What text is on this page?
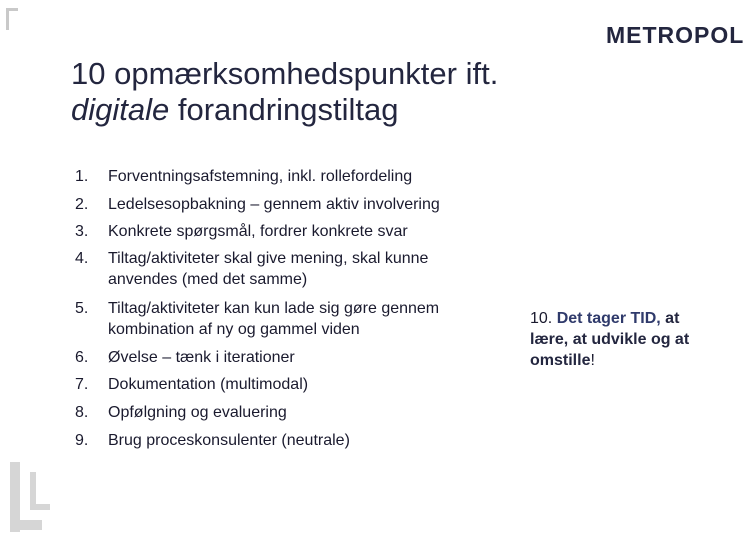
METROPOL
10 opmærksomhedspunkter ift.
digitale forandringstiltag
1.	Forventningsafstemning, inkl. rollefordeling
2.	Ledelsesopbakning – gennem aktiv involvering
3.	Konkrete spørgsmål, fordrer konkrete svar
4.	Tiltag/aktiviteter skal give mening, skal kunne anvendes (med det samme)
5.	Tiltag/aktiviteter kan kun lade sig gøre gennem kombination af ny og gammel viden
6.	Øvelse – tænk i iterationer
7.	Dokumentation (multimodal)
8.	Opfølgning og evaluering
9.	Brug proceskonsulenter (neutrale)
10. Det tager TID, at lære, at udvikle og at omstille!
